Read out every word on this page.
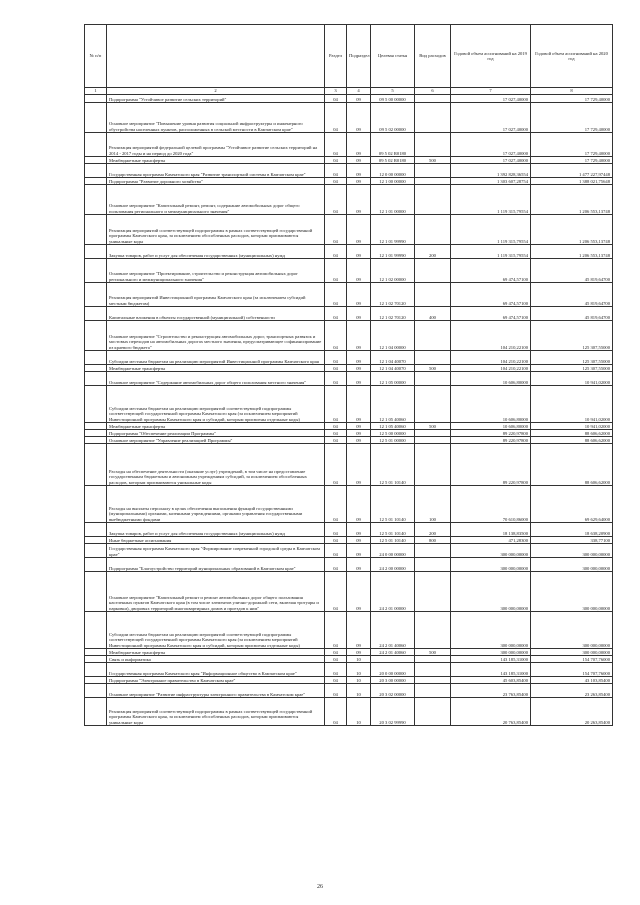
№ п/п		Раздел	Подраздел	Целевая статья	Вид расходов	Годовой объем ассигнований на 2019 год	Годовой объем ассигнований на 2020 год
1	2	3	4	5	6	7	8
	Подпрограмма "Устойчивое развитие сельских территорий"	04	09	09 5 00 00000		17 027,40000	17 729,40000
	Основное мероприятие "Повышение уровня развития социальной инфраструктуры и инженерного обустройства населенных пунктов, расположенных в сельской местности в Камчатском крае"	04	09	09 5 02 00000		17 027,40000	17 729,40000
	Реализация мероприятий федеральной целевой программы "Устойчивое развитие сельских территорий на 2014 - 2017 годы и на период до 2020 года"	04	09	09 5 02 R0180		17 027,40000	17 729,40000
	Межбюджетные трансферты	04	09	09 5 02 R0180	500	17 027,40000	17 729,40000
	Государственная программа Камчатского края "Развитие транспортной системы в Камчатском крае"	04	09	12 0 00 00000		1 392 828,36554	1 477 227,97448
	Подпрограмма "Развитие дорожного хозяйства"	04	09	12 1 00 00000		1 303 607,28754	1 388 021,75648
	Основное мероприятие "Капитальный ремонт, ремонт, содержание автомобильных дорог общего пользования регионального и межмуниципального значения"	04	09	12 1 01 00000		1 119 315,79554	1 206 553,13748
	Реализация мероприятий соответствующей подпрограммы в рамках соответствующей государственной программы Камчатского края, за исключением обособленных расходов, которым присваиваются уникальные коды	04	09	12 1 01 99990		1 119 315,79554	1 206 553,13748
	Закупка товаров, работ и услуг для обеспечения государственных (муниципальных) нужд	04	09	12 1 01 99990	200	1 119 315,79554	1 206 553,13748
	Основное мероприятие "Проектирование, строительство и реконструкция автомобильных дорог регионального и межмуниципального значения"	04	09	12 1 02 00000		69 474,57100	45 819,64700
	Реализация мероприятий Инвестиционной программы Камчатского края (за исключением субсидий местным бюджетам)	04	09	12 1 02 70120		69 474,57100	45 819,64700
	Капитальные вложения в объекты государственной (муниципальной) собственности	04	09	12 1 02 70120	400	69 474,57100	45 819,64700
	Основное мероприятие "Строительство и реконструкция автомобильных дорог, транспортных развязок и мостовых переходов на автомобильных дорогах местного значения, предусматривающее софинансирование из краевого бюджета"	04	09	12 1 04 00000		104 210,22100	125 307,55000
	Субсидии местным бюджетам на реализацию мероприятий Инвестиционной программы Камчатского края	04	09	12 1 04 40070		104 210,22100	125 307,55000
	Межбюджетные трансферты	04	09	12 1 04 40070	500	104 210,22100	125 307,55000
	Основное мероприятие "Содержание автомобильных дорог общего пользования местного значения"	04	09	12 1 05 00000		10 606,80000	10 941,02000
	Субсидии местным бюджетам на реализацию мероприятий соответствующей подпрограммы соответствующей государственной программы Камчатского края (за исключением мероприятий Инвестиционной программы Камчатского края и субсидий, которым присвоены отдельные коды)	04	09	12 1 05 40060		10 606,80000	10 941,02000
	Межбюджетные трансферты	04	09	12 1 05 40060	500	10 606,80000	10 941,02000
	Подпрограмма "Обеспечение реализации Программы"	04	09	12 5 00 00000		89 220,97800	88 606,62000
	Основное мероприятие "Управление реализацией Программы"	04	09	12 5 01 00000		89 220,97800	88 606,62000
	Расходы на обеспечение деятельности (оказание услуг) учреждений, в том числе на предоставление государственным бюджетным и автономным учреждениям субсидий, за исключением обособленных расходов, которым присваиваются уникальные коды	04	09	12 5 01 10140		89 220,97800	88 606,62000
	Расходы на выплаты персоналу в целях обеспечения выполнения функций государственными (муниципальными) органами, казенными учреждениями, органами управления государственными внебюджетными фондами	04	09	12 5 01 10140	100	70 610,86000	69 629,64000
	Закупка товаров, работ и услуг для обеспечения государственных (муниципальных) нужд	04	09	12 5 01 10140	200	18 138,83500	18 638,20900
	Иные бюджетные ассигнования	04	09	12 5 01 10140	800	471,28300	338,77100
	Государственная программа Камчатского края "Формирование современной городской среды в Камчатском крае"	04	09	24 0 00 00000		300 000,00000	300 000,00000
	Подпрограмма "Благоустройство территорий муниципальных образований в Камчатском крае"	04	09	24 2 00 00000		300 000,00000	300 000,00000
	Основное мероприятие "Капитальный ремонт и ремонт автомобильных дорог общего пользования населенных пунктов Камчатского края (в том числе элементов улично-дорожной сети, включая тротуары и парковки), дворовых территорий многоквартирных домов и проездов к ним"	04	09	24 2 01 00000		300 000,00000	300 000,00000
	Субсидии местным бюджетам на реализацию мероприятий соответствующей подпрограммы соответствующей государственной программы Камчатского края (за исключением мероприятий Инвестиционной программы Камчатского края и субсидий, которым присвоены отдельные коды)	04	09	24 2 01 40060		300 000,00000	300 000,00000
	Межбюджетные трансферты	04	09	24 2 01 40060	500	300 000,00000	300 000,00000
	Связь и информатика	04	10			143 185,31000	154 707,76000
	Государственная программа Камчатского края "Информационное общество в Камчатском крае"	04	10	20 0 00 00000		143 185,31000	154 707,76000
	Подпрограмма "Электронное правительство в Камчатском крае"	04	10	20 3 00 00000		45 603,85400	43 103,85400
	Основное мероприятие "Развитие инфраструктуры электронного правительства в Камчатском крае"	04	10	20 3 02 00000		23 763,85400	23 263,85400
	Реализация мероприятий соответствующей подпрограммы в рамках соответствующей государственной программы Камчатского края, за исключением обособленных расходов, которым присваиваются уникальные коды	04	10	20 3 02 99990		20 763,85400	20 263,85400
26
